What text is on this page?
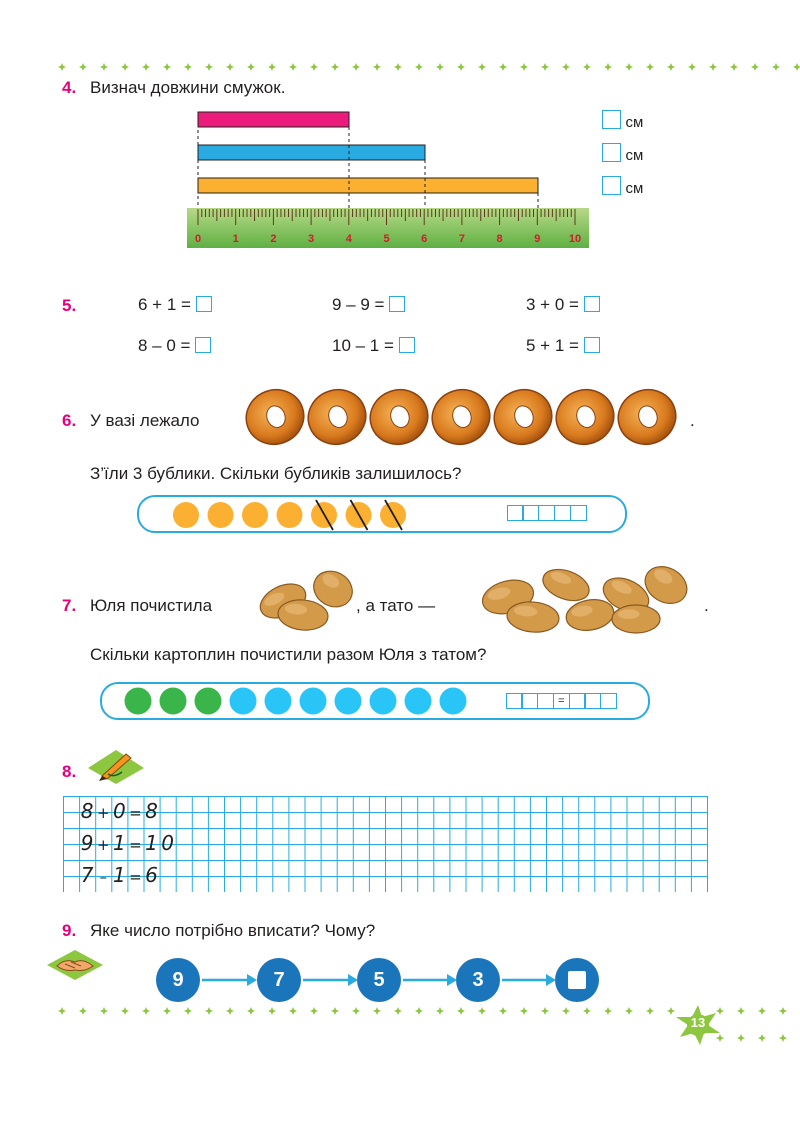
4. Визнач довжини смужок.
0	1	2	3	4	5	6	7	8	9	10
см
см
см
5.	6 + 1 =	9 – 9 =	3 + 0 =
8 – 0 =	10 – 1 =	5 + 1 =
6. У вазі лежало	.
З’їли 3 бублики. Скільки бубликів залишилось?
7. Юля почистила	, а тато —	.
Скільки картоплин почистили разом Юля з татом?
=
8.
8 + 0 = 8
9 + 1 = 1 0
7 – 1 = 6
9. Яке число потрібно вписати? Чому?
9	7	5	3
13
